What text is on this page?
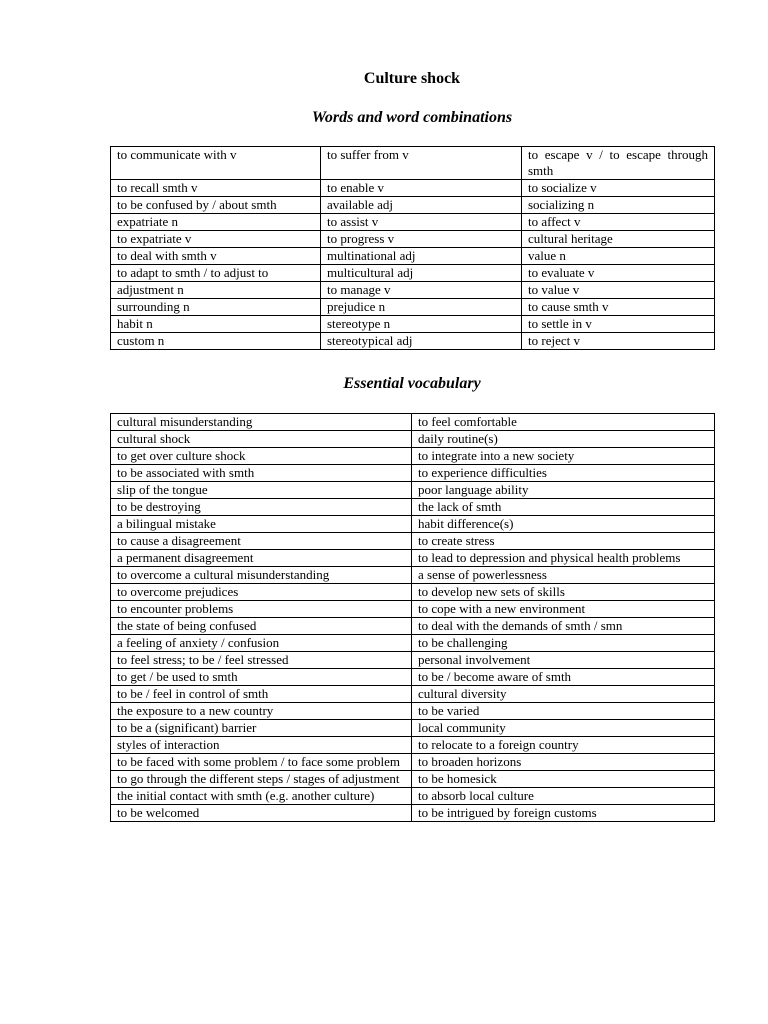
Culture shock
Words and word combinations
to communicate with v	to suffer from v	to escape v / to escape through smth
to recall smth v	to enable v	to socialize v
to be confused by / about smth	available adj	socializing n
expatriate n	to assist v	to affect v
to expatriate v	to progress v	cultural heritage
to deal with smth v	multinational adj	value n
to adapt to smth / to adjust to	multicultural adj	to evaluate v
adjustment n	to manage v	to value v
surrounding n	prejudice n	to cause smth v
habit n	stereotype n	to settle in v
custom n	stereotypical adj	to reject v
Essential vocabulary
cultural misunderstanding	to feel comfortable
cultural shock	daily routine(s)
to get over culture shock	to integrate into a new society
to be associated with smth	to experience difficulties
slip of the tongue	poor language ability
to be destroying	the lack of smth
a bilingual mistake	habit difference(s)
to cause a disagreement	to create stress
a permanent disagreement	to lead to depression and physical health problems
to overcome a cultural misunderstanding	a sense of powerlessness
to overcome prejudices	to develop new sets of skills
to encounter problems	to cope with a new environment
the state of being confused	to deal with the demands of smth / smn
a feeling of anxiety / confusion	to be challenging
to feel stress; to be / feel stressed	personal involvement
to get / be used to smth	to be / become aware of smth
to be / feel in control of smth	cultural diversity
the exposure to a new country	to be varied
to be a (significant) barrier	local community
styles of interaction	to relocate to a foreign country
to be faced with some problem / to face some problem	to broaden horizons
to go through the different steps / stages of adjustment	to be homesick
the initial contact with smth (e.g. another culture)	to absorb local culture
to be welcomed	to be intrigued by foreign customs
